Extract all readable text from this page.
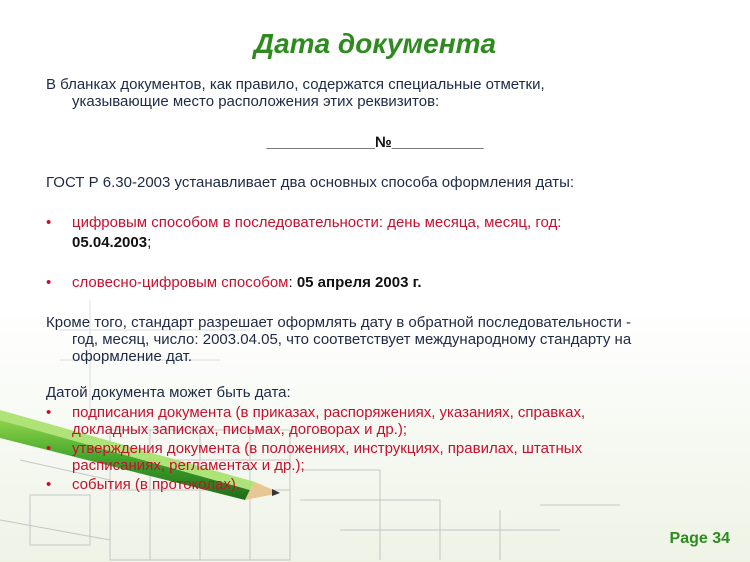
Дата документа
В бланках документов, как правило, содержатся специальные отметки,
указывающие место расположения этих реквизитов:
_____________№___________
ГОСТ Р 6.30-2003 устанавливает два основных способа оформления даты:
• цифровым способом в последовательности: день месяца, месяц, год:
05.04.2003;
• словесно-цифровым способом: 05 апреля 2003 г.
Кроме того, стандарт разрешает оформлять дату в обратной последовательности -
год, месяц, число: 2003.04.05, что соответствует международному стандарту на
оформление дат.
Датой документа может быть дата:
• подписания документа (в приказах, распоряжениях, указаниях, справках,
докладных записках, письмах, договорах и др.);
• утверждения документа (в положениях, инструкциях, правилах, штатных
расписаниях, регламентах и др.);
• события (в протоколах).
Page 34
